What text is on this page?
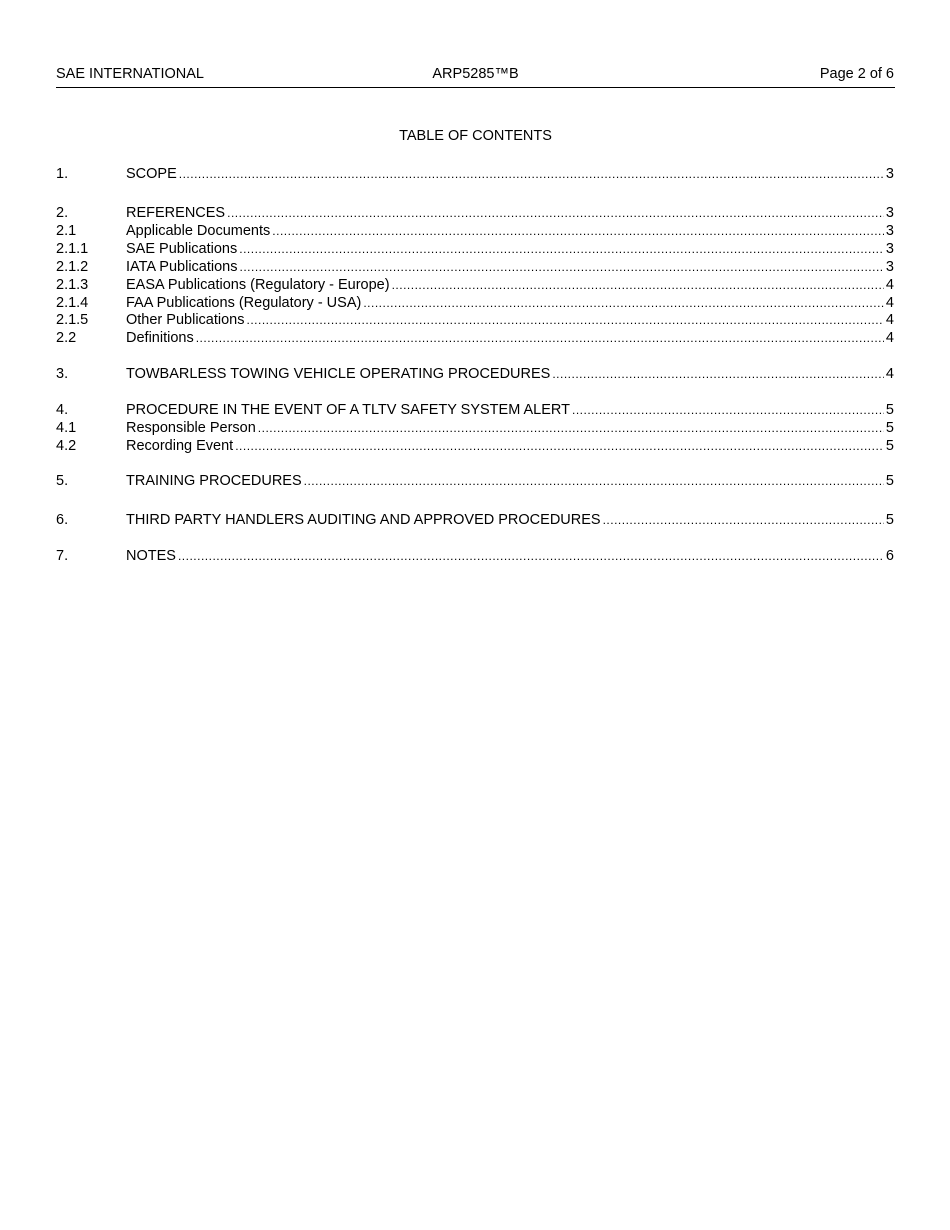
SAE INTERNATIONAL	ARP5285™B	Page 2 of 6
TABLE OF CONTENTS
1.	SCOPE .....	3
2.	REFERENCES .....	3
2.1	Applicable Documents .....	3
2.1.1	SAE Publications .....	3
2.1.2	IATA Publications .....	3
2.1.3	EASA Publications (Regulatory - Europe) .....	4
2.1.4	FAA Publications (Regulatory - USA) .....	4
2.1.5	Other Publications .....	4
2.2	Definitions .....	4
3.	TOWBARLESS TOWING VEHICLE OPERATING PROCEDURES .....	4
4.	PROCEDURE IN THE EVENT OF A TLTV SAFETY SYSTEM ALERT .....	5
4.1	Responsible Person .....	5
4.2	Recording Event .....	5
5.	TRAINING PROCEDURES .....	5
6.	THIRD PARTY HANDLERS AUDITING AND APPROVED PROCEDURES .....	5
7.	NOTES .....	6
